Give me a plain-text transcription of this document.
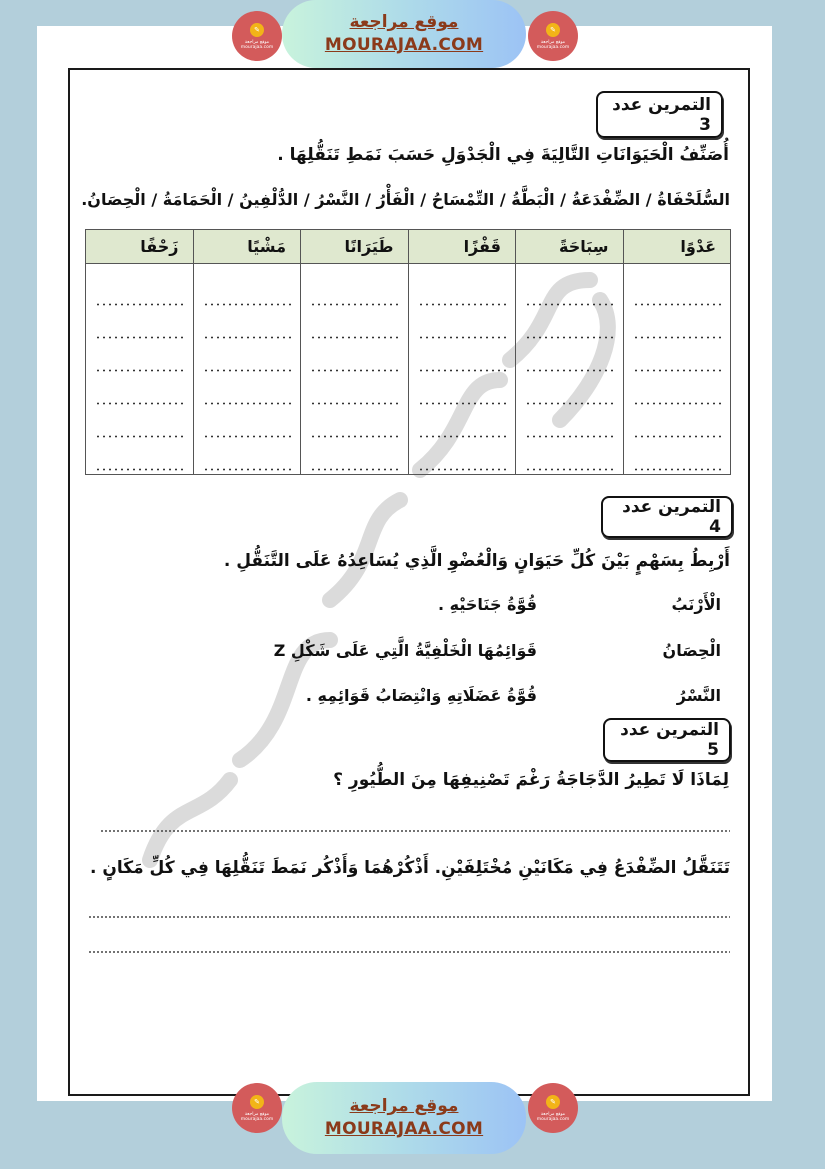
التمرين عدد 3
أُصَنِّفُ الْحَيَوَانَاتِ التَّالِيَةَ فِي الْجَدْوَلِ حَسَبَ نَمَطِ تَنَقُّلِهَا .
السُّلَحْفَاةُ / الضِّفْدَعَةُ / الْبَطَّةُ / التِّمْسَاحُ / الْفَأْرُ / النَّسْرُ / الدُّلْفِينُ / الْحَمَامَةُ / الْحِصَانُ.
عَدْوًا	سِبَاحَةً	قَفْزًا	طَيَرَانًا	مَشْيًا	زَحْفًا

التمرين عدد 4
أَرْبِطُ بِسَهْمٍ بَيْنَ كُلِّ حَيَوَانٍ وَالْعُضْوِ الَّذِي يُسَاعِدُهُ عَلَى التَّنَقُّلِ .
الْأَرْنَبُ
الْحِصَانُ
النَّسْرُ
قُوَّةُ جَنَاحَيْهِ .
قَوَائِمُهَا الْخَلْفِيَّةُ الَّتِي عَلَى شَكْلِ Z
قُوَّةُ عَضَلَاتِهِ وَانْتِصَابُ قَوَائِمِهِ .
التمرين عدد 5
لِمَاذَا لَا تَطِيرُ الدَّجَاجَةُ رَغْمَ تَصْنِيفِهَا مِنَ الطُّيُورِ ؟
تَتَنَقَّلُ الضِّفْدَعُ فِي مَكَانَيْنِ مُخْتَلِفَيْنِ. أَذْكُرْهُمَا وَأَذْكُر نَمَطَ تَنَقُّلِهَا فِي كُلِّ مَكَانٍ .
✎
موقع مراجعة mourajaa.com
موقع مراجعة
MOURAJAA.COM
✎
موقع مراجعة mourajaa.com
✎
موقع مراجعة mourajaa.com
موقع مراجعة
MOURAJAA.COM
✎
موقع مراجعة mourajaa.com
